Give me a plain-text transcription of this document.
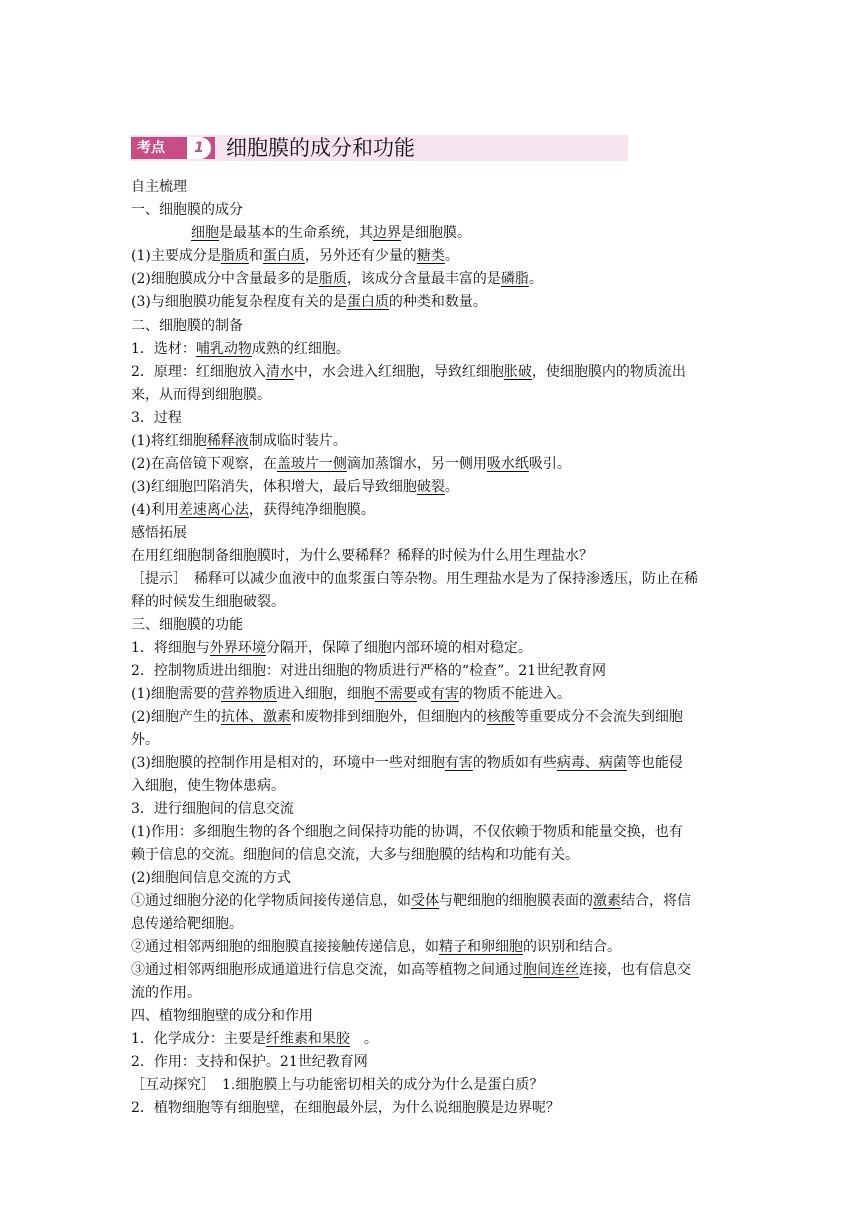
考点	1	细胞膜的成分和功能
自主梳理
一、细胞膜的成分
细胞是最基本的生命系统，其边界是细胞膜。
(1)主要成分是脂质和蛋白质，另外还有少量的糖类。
(2)细胞膜成分中含量最多的是脂质，该成分含量最丰富的是磷脂。
(3)与细胞膜功能复杂程度有关的是蛋白质的种类和数量。
二、细胞膜的制备
1．选材：哺乳动物成熟的红细胞。
2．原理：红细胞放入清水中，水会进入红细胞，导致红细胞胀破，使细胞膜内的物质流出
来，从而得到细胞膜。
3．过程
(1)将红细胞稀释液制成临时装片。
(2)在高倍镜下观察，在盖玻片一侧滴加蒸馏水，另一侧用吸水纸吸引。
(3)红细胞凹陷消失，体积增大，最后导致细胞破裂。
(4)利用差速离心法，获得纯净细胞膜。
感悟拓展
在用红细胞制备细胞膜时，为什么要稀释？稀释的时候为什么用生理盐水？
［提示］　稀释可以减少血液中的血浆蛋白等杂物。用生理盐水是为了保持渗透压，防止在稀
释的时候发生细胞破裂。
三、细胞膜的功能
1．将细胞与外界环境分隔开，保障了细胞内部环境的相对稳定。
2．控制物质进出细胞：对进出细胞的物质进行严格的“检查”。21世纪教育网
(1)细胞需要的营养物质进入细胞，细胞不需要或有害的物质不能进入。
(2)细胞产生的抗体、激素和废物排到细胞外，但细胞内的核酸等重要成分不会流失到细胞
外。
(3)细胞膜的控制作用是相对的，环境中一些对细胞有害的物质如有些病毒、病菌等也能侵
入细胞，使生物体患病。
3．进行细胞间的信息交流
(1)作用：多细胞生物的各个细胞之间保持功能的协调，不仅依赖于物质和能量交换，也有
赖于信息的交流。细胞间的信息交流，大多与细胞膜的结构和功能有关。
(2)细胞间信息交流的方式
①通过细胞分泌的化学物质间接传递信息，如受体与靶细胞的细胞膜表面的激素结合，将信
息传递给靶细胞。
②通过相邻两细胞的细胞膜直接接触传递信息，如精子和卵细胞的识别和结合。
③通过相邻两细胞形成通道进行信息交流，如高等植物之间通过胞间连丝连接，也有信息交
流的作用。
四、植物细胞壁的成分和作用
1．化学成分：主要是纤维素和果胶　。
2．作用：支持和保护。21世纪教育网
［互动探究］　1.细胞膜上与功能密切相关的成分为什么是蛋白质？
2．植物细胞等有细胞壁，在细胞最外层，为什么说细胞膜是边界呢？
